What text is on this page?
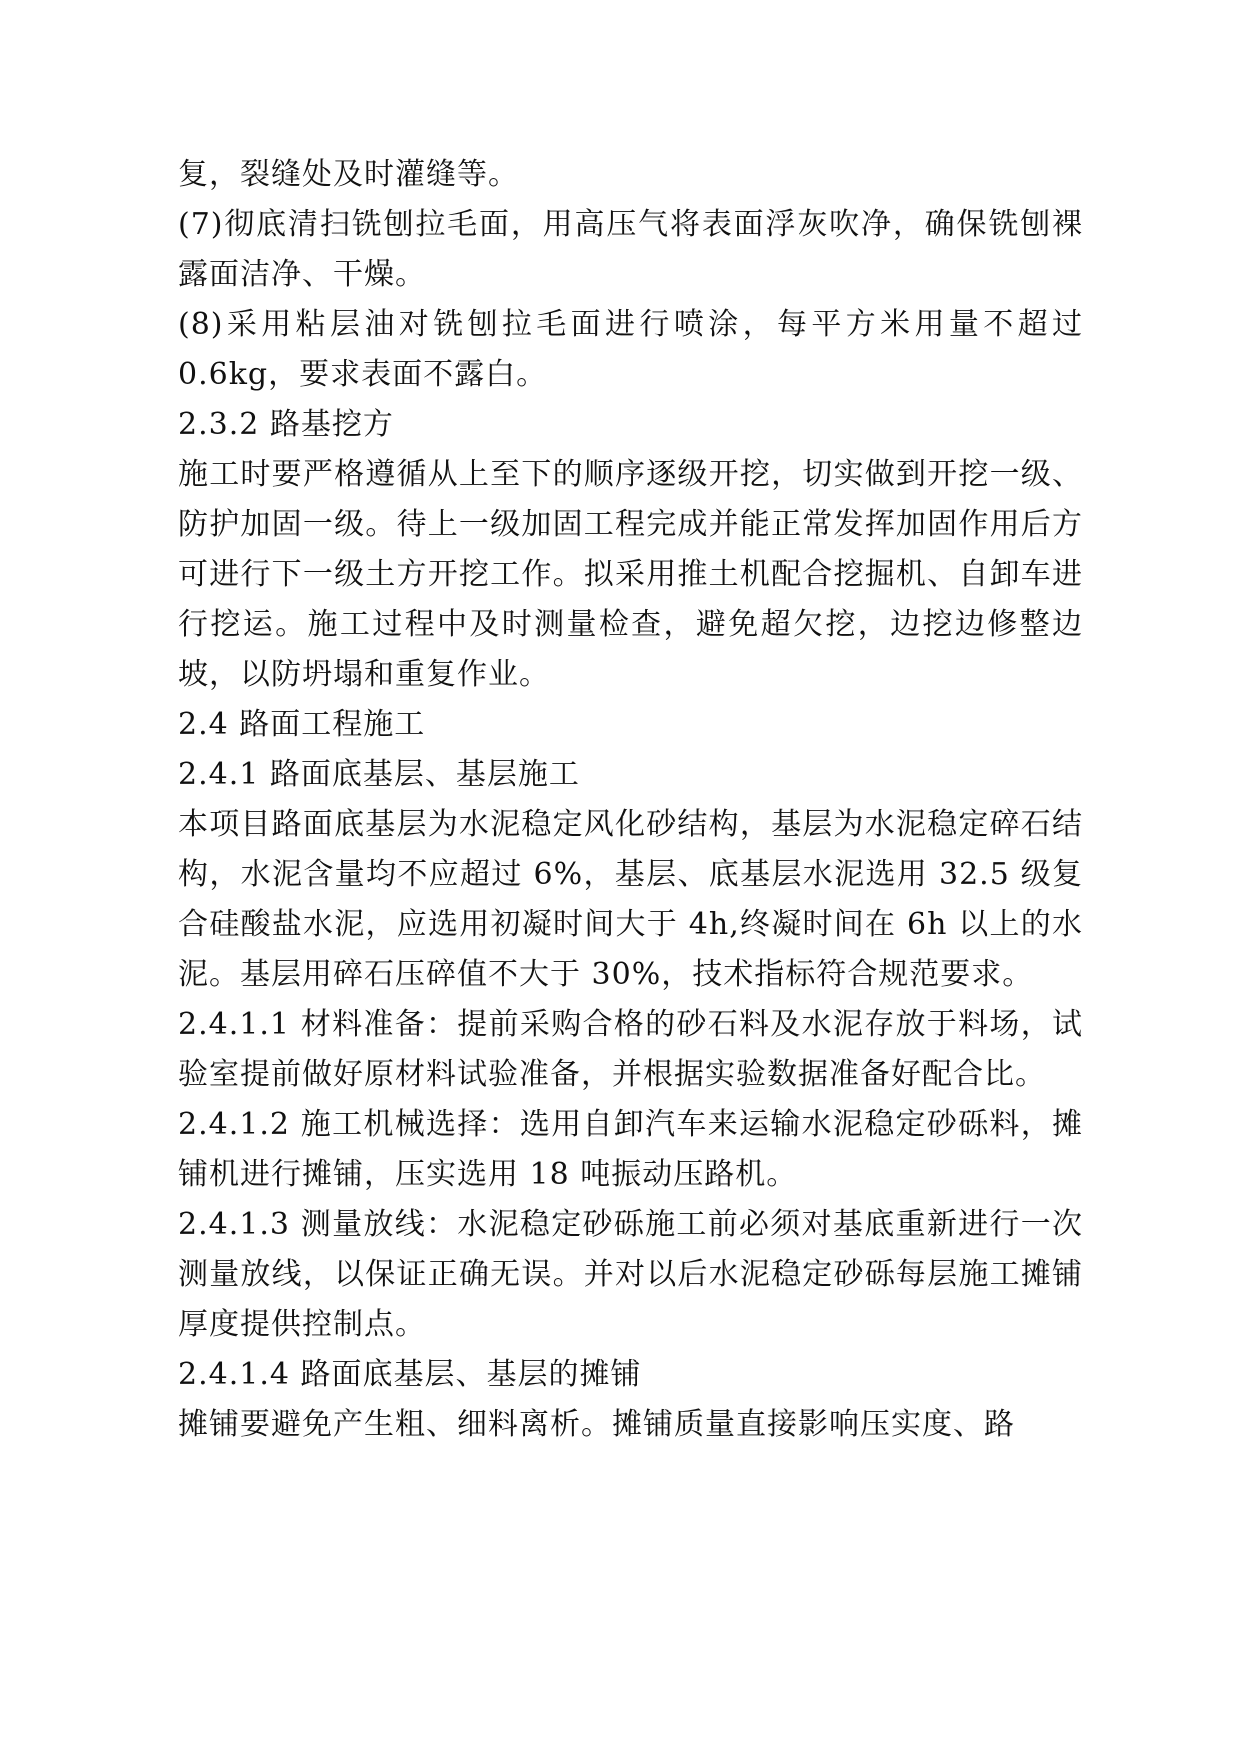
复，裂缝处及时灌缝等。

(7)彻底清扫铣刨拉毛面，用高压气将表面浮灰吹净，确保铣刨裸露面洁净、干燥。

(8)采用粘层油对铣刨拉毛面进行喷涂，每平方米用量不超过0.6kg，要求表面不露白。

2.3.2 路基挖方

施工时要严格遵循从上至下的顺序逐级开挖，切实做到开挖一级、防护加固一级。待上一级加固工程完成并能正常发挥加固作用后方可进行下一级土方开挖工作。拟采用推土机配合挖掘机、自卸车进行挖运。施工过程中及时测量检查，避免超欠挖，边挖边修整边坡，以防坍塌和重复作业。

2.4 路面工程施工

2.4.1 路面底基层、基层施工

本项目路面底基层为水泥稳定风化砂结构，基层为水泥稳定碎石结构，水泥含量均不应超过 6%，基层、底基层水泥选用 32.5 级复合硅酸盐水泥，应选用初凝时间大于 4h,终凝时间在 6h 以上的水泥。基层用碎石压碎值不大于 30%，技术指标符合规范要求。

2.4.1.1 材料准备：提前采购合格的砂石料及水泥存放于料场，试验室提前做好原材料试验准备，并根据实验数据准备好配合比。

2.4.1.2 施工机械选择：选用自卸汽车来运输水泥稳定砂砾料，摊铺机进行摊铺，压实选用 18 吨振动压路机。

2.4.1.3 测量放线：水泥稳定砂砾施工前必须对基底重新进行一次测量放线，以保证正确无误。并对以后水泥稳定砂砾每层施工摊铺厚度提供控制点。

2.4.1.4 路面底基层、基层的摊铺

摊铺要避免产生粗、细料离析。摊铺质量直接影响压实度、路
